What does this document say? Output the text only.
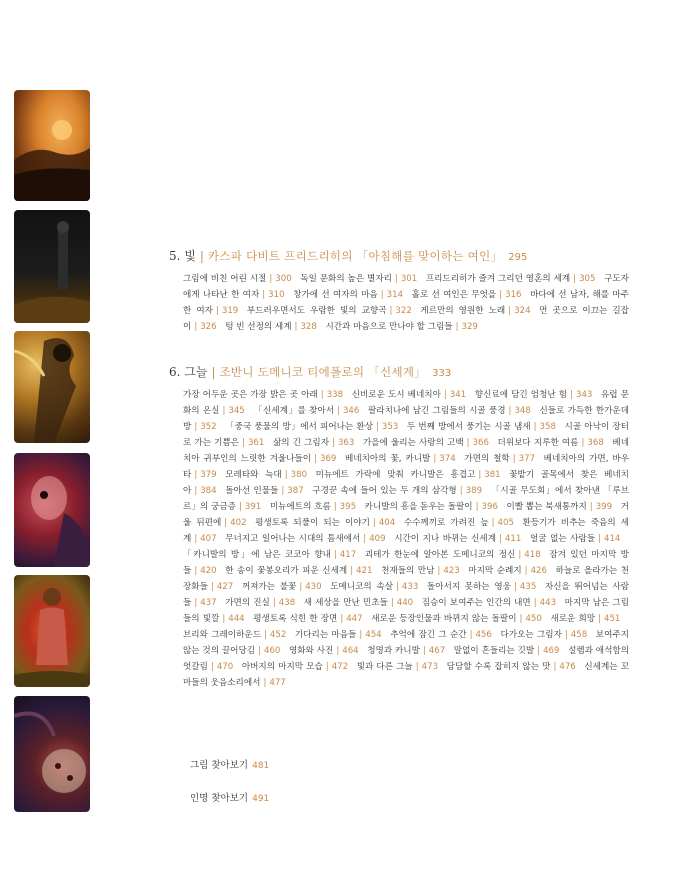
5. 빛 | 카스파 다비트 프리드리히의 「아침해를 맞이하는 여인」 295
그림에 비친 어린 시절 | 300  독일 문화의 높은 별자리 | 301  프리드리히가 즐겨 그리던 영혼의 세계 | 305  구도자에게 나타난 한 여자 | 310  창가에 선 여자의 마음 | 314  홀로 선 여인은 무엇을 | 316  바다에 선 남자, 해를 마주한 여자 | 319  부드러우면서도 우람한 빛의 교향곡 | 322  게르만의 영원한 노래 | 324  먼 곳으로 이끄는 길잡이 | 326  텅 빈 선정의 세계 | 328  시간과 마음으로 만나야 할 그림들 | 329
6. 그늘 | 조반니 도메니코 티에폴로의 「신세계」 333
가장 어두운 곳은 가장 밝은 곳 아래 | 338  신비로운 도시 베네치아 | 341  향신료에 담긴 엄청난 힘 | 343  유럽 문화의 온실 | 345  「신세계」를 찾아서 | 346  팔라치나에 남긴 그림들의 시골 풍경 | 348  신들로 가득한 한가운데 방 | 352  「중국 풍물의 방」에서 피어나는 환상 | 353  두 번째 방에서 풍기는 시골 냄새 | 358  시골 아낙이 장터로 가는 기쁨은 | 361  삶의 긴 그림자 | 363  가을에 울리는 사랑의 고백 | 366  더위보다 지루한 여름 | 368  베네치아 귀부인의 느릿한 겨울나들이 | 369  베네치아의 꽃, 카니발 | 374  가면의 철학 | 377  베네치아의 가면, 바우타 | 379  모레타와 늑대 | 380  미뉴에트 가락에 맞춰 카니발은 흥겹고 | 381  꽃밭기 골목에서 찾은 베네치아 | 384  돌아선 인물들 | 387  구경꾼 속에 들어 있는 두 개의 삼각형 | 389  「시골 무도회」에서 찾아낸 「루브르」의 궁금증 | 391  미뉴에트의 흐름 | 395  카니발의 흥을 돋우는 돌팔이 | 396  이빨 뽑는 북새통까지 | 399  거울 뒤편에 | 402  평생토록 되풀이 되는 이야기 | 404  수수께끼로 가려진 늪 | 405  환등기가 비추는 죽음의 세계 | 407  무너지고 일어나는 시대의 틈새에서 | 409  시간이 지나 바뀌는 신세계 | 411  얼굴 없는 사람들 | 414 「카니발의 방」에 남은 코코아 향내 | 417  괴테가 한눈에 알아본 도메니코의 정신 | 418  잠겨 있던 마지막 방들 | 420  한 송이 꽃봉오리가 피운 신세계 | 421  천재들의 만남 | 423  마지막 순례지 | 426  하늘로 올라가는 천장화들 | 427  꺼져가는 불꽃 | 430  도메니코의 속살 | 433  돌아서지 못하는 영웅 | 435  자신을 뛰어넘는 사람들 | 437  가면의 진실 | 438  새 세상을 만난 민초들 | 440  짐승이 보여주는 인간의 내면 | 443  마지막 남은 그림들의 빛깔 | 444  평생토록 식힌 한 장면 | 447  새로운 등장인물과 바뀌지 않는 돌팔이 | 450  새로운 희망 | 451 브리와 그레이하운드 | 452  기다리는 마음들 | 454  추억에 잠긴 그 순간 | 456  다가오는 그림자 | 458  보여주지 않는 것의 끌어당김 | 460  영화와 사진 | 464  청명과 카니발 | 467  말없이 흔들리는 깃발 | 469  설렘과 애석함의 엇갈림 | 470  아버지의 마지막 모습 | 472  빛과 다른 그늘 | 473  담담할 수록 잡히지 않는 맛 | 476  신세계는 꼬마들의 웃음소리에서 | 477
그림 찾아보기 481
인명 찾아보기 491
